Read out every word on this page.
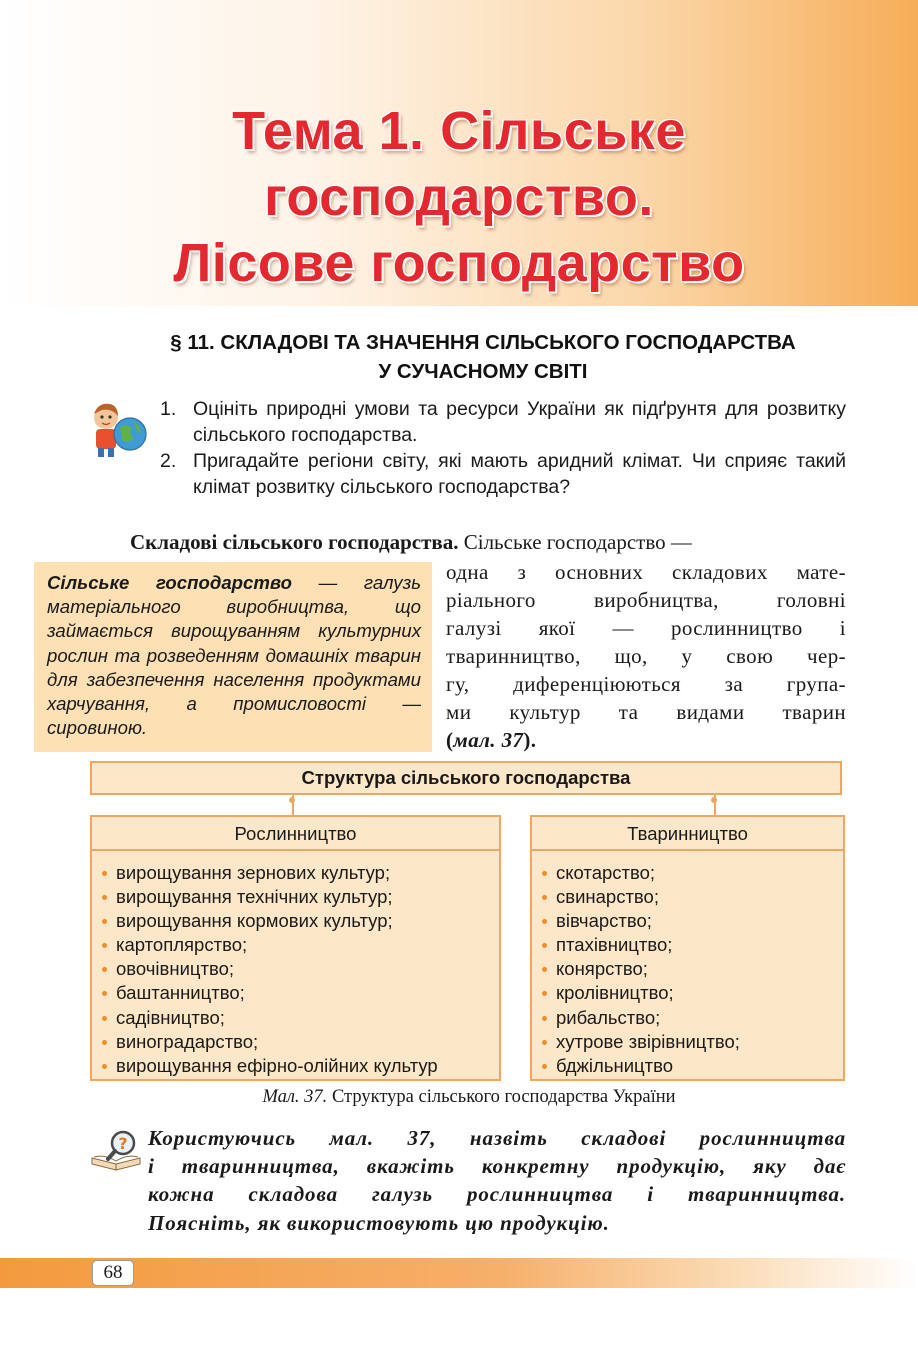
Тема 1. Сільське
господарство.
Лісове господарство
§ 11. СКЛАДОВІ ТА ЗНАЧЕННЯ СІЛЬСЬКОГО ГОСПОДАРСТВА
У СУЧАСНОМУ СВІТІ
1. Оцініть природні умови та ресурси України як підґрунтя для розвитку сільського господарства.
2. Пригадайте регіони світу, які мають аридний клімат. Чи сприяє такий клімат розвитку сільського господарства?
Складові сільського господарства. Сільське господарство —
Сільське господарство — галузь матеріального виробництва, що займається вирощуванням культурних рослин та розведенням домашніх тварин для забезпечення населення продуктами харчування, а промисловості — сировиною.
одна з основних складових мате-
ріального виробництва, головні
галузі якої — рослинництво і
тваринництво, що, у свою чер-
гу, диференціюються за група-
ми культур та видами тварин
(мал. 37).
Структура сільського господарства
Рослинництво
вирощування зернових культур;
вирощування технічних культур;
вирощування кормових культур;
картоплярство;
овочівництво;
баштанництво;
садівництво;
виноградарство;
вирощування ефірно-олійних культур
Тваринництво
скотарство;
свинарство;
вівчарство;
птахівництво;
конярство;
кролівництво;
рибальство;
хутрове звірівництво;
бджільництво
Мал. 37. Структура сільського господарства України
? Користуючись мал. 37, назвіть складові рослинництва
і тваринництва, вкажіть конкретну продукцію, яку дає
кожна складова галузь рослинництва і тваринництва.
Поясніть, як використовують цю продукцію.
68
